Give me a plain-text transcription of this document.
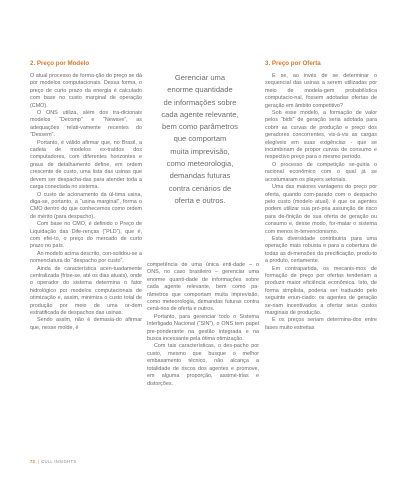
2. Preço por Modelo	3. Preço por Oferta

O atual processo de forma-ção do preço se dá por modelos computacionais. Dessa forma, o preço de curto prazo da energia é calculado com base no custo marginal de operação (CMO).

O ONS utiliza, além dos tra-dicionais modelos “Decomp” e “Newave”, as adequações relati-vamente recentes do “Dessem”.

Portanto, é válido afirmar que, no Brasil, a cadeia de modelos ex-traídos dos computadores, com diferentes horizontes e graus de detalhamento define, em ordem crescente de custo, uma lista das usinas que devem ser despacha-das para atender toda a carga conectada no sistema.

O custo de acionamento da úl-tima usina, diga-se, portanto, a “usina marginal”, forma o CMO dentro do que conhecemos como ordem de mérito (para despacho).

Com base no CMO, é definido o Preço de Liquidação das Dife-renças (“PLD”), que é, com efei-to, o preço do mercado de curto prazo no país.

Ao modelo acima descrito, con-solidou-se a nomenclatura do “despacho por custo”.

Ainda de característica acen-tuadamente centralizada (frise-se, até os dias atuais), onde o operador do sistema determina o fator hidrológico por modelos computacionais de otimização e, assim, minimiza o custo total de produção por meio de uma or-dem estratificada de despachos das usinas.

Sendo assim, não é demasia-do afirmar que, nesse molde, é

Gerenciar uma
enorme quantidade
de informações sobre
cada agente relevante,
bem como parâmetros
que comportam
muita imprevisão,
como meteorologia,
demandas futuras
contra cenários de
oferta e outros.

competência de uma única enti-dade – o ONS, no caso brasileiro – gerenciar uma enorme quanti-dade de informações sobre cada agente relevante, bem como pa-râmetros que comportam muita imprevisão, como meteorologia, demandas futuras contra cená-rios de oferta e outros.

Portanto, para gerenciar todo o Sistema Interligado Nacional (“SIN”), o ONS tem papel pre-ponderante na gestão integrada e na busca incessante pela ótima otimização.

Com tais características, o des-pacho por custo, mesmo que busque o melhor embasamento técnico, não alcança a totalidade de riscos dos agentes e promove, em alguma proporção, assimé-trias e distorções.

E se, ao invés de se determinar o sequencial das usinas a serem utilizadas por meio de modela-gem probabilística computacio-nal, fossem adotadas ofertas de geração em âmbito competitivo?

Sob esse modelo, a formação de valor pelos “bids” de geração seria adotada para cobrir as curvas de produção e preço dos geradores concorrentes, vis-à-vis as cargas elegíveis em suas exigências - que se incumbiriam de propor curvas de consumo e respectivo preço para o mesmo período.

O processo de competição se-guiria o racional econômico com o qual já se acostumaram os players setoriais.

Uma das maiores vantagens do preço por oferta, quando com-parado com o despacho pelo custo (modelo atual), é que os agentes podem utilizar sua pró-pria assunção de risco para de-finição de sua oferta de geração ou consumo e, desse modo, for-matar o sistema com menos in-tervencionismo.

Esta diversidade contribuiria para uma operação mais robusta e para a cobertura de todas as di-mensões da precificação, produ-to a produto, certamente.

Em contrapartida, os mecanis-mos de formação de preço por ofertas tenderiam a produzir maior eficiência econômica. Isto, de forma simplista, poderia ser traduzido pelo seguinte enun-ciado: os agentes de geração se-riam incentivados a ofertar seus custos marginais de produção.

E os preços seriam determina-dos entre fases muito estreitas

72 | CULL INSIGHTS
